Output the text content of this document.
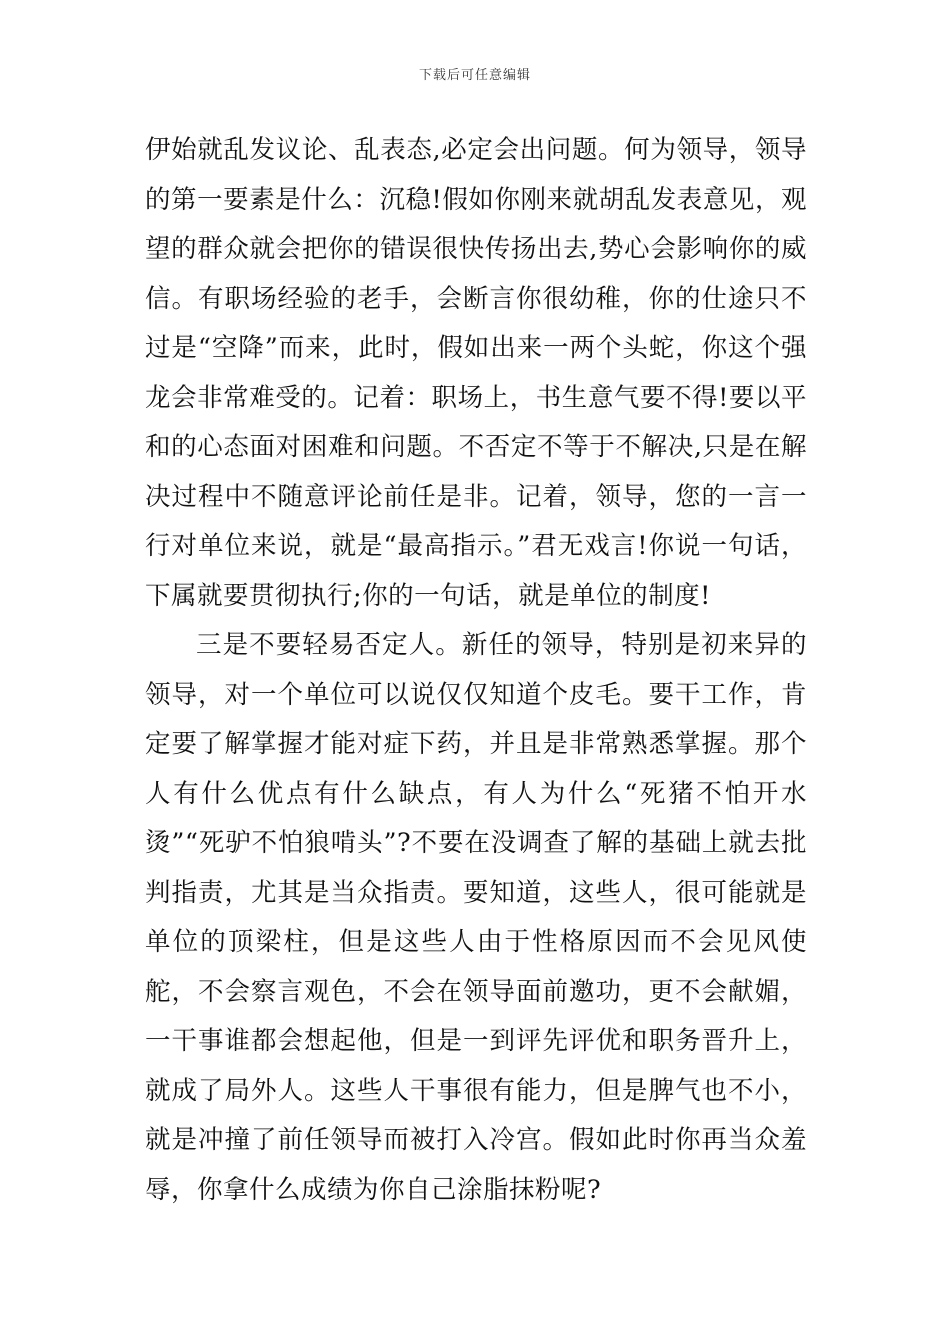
下载后可任意编辑

伊始就乱发议论、乱表态,必定会出问题。何为领导，领导的第一要素是什么：沉稳!假如你刚来就胡乱发表意见，观望的群众就会把你的错误很快传扬出去,势心会影响你的威信。有职场经验的老手，会断言你很幼稚，你的仕途只不过是“空降”而来，此时，假如出来一两个头蛇，你这个强龙会非常难受的。记着：职场上，书生意气要不得!要以平和的心态面对困难和问题。不否定不等于不解决,只是在解决过程中不随意评论前任是非。记着，领导，您的一言一行对单位来说，就是“最高指示。”君无戏言!你说一句话，下属就要贯彻执行;你的一句话，就是单位的制度!

三是不要轻易否定人。新任的领导，特别是初来异的领导，对一个单位可以说仅仅知道个皮毛。要干工作，肯定要了解掌握才能对症下药，并且是非常熟悉掌握。那个人有什么优点有什么缺点，有人为什么“死猪不怕开水烫”“死驴不怕狼啃头”?不要在没调查了解的基础上就去批判指责，尤其是当众指责。要知道，这些人，很可能就是单位的顶梁柱，但是这些人由于性格原因而不会见风使舵，不会察言观色，不会在领导面前邀功，更不会献媚，一干事谁都会想起他，但是一到评先评优和职务晋升上，就成了局外人。这些人干事很有能力，但是脾气也不小，就是冲撞了前任领导而被打入冷宫。假如此时你再当众羞辱，你拿什么成绩为你自己涂脂抹粉呢?
